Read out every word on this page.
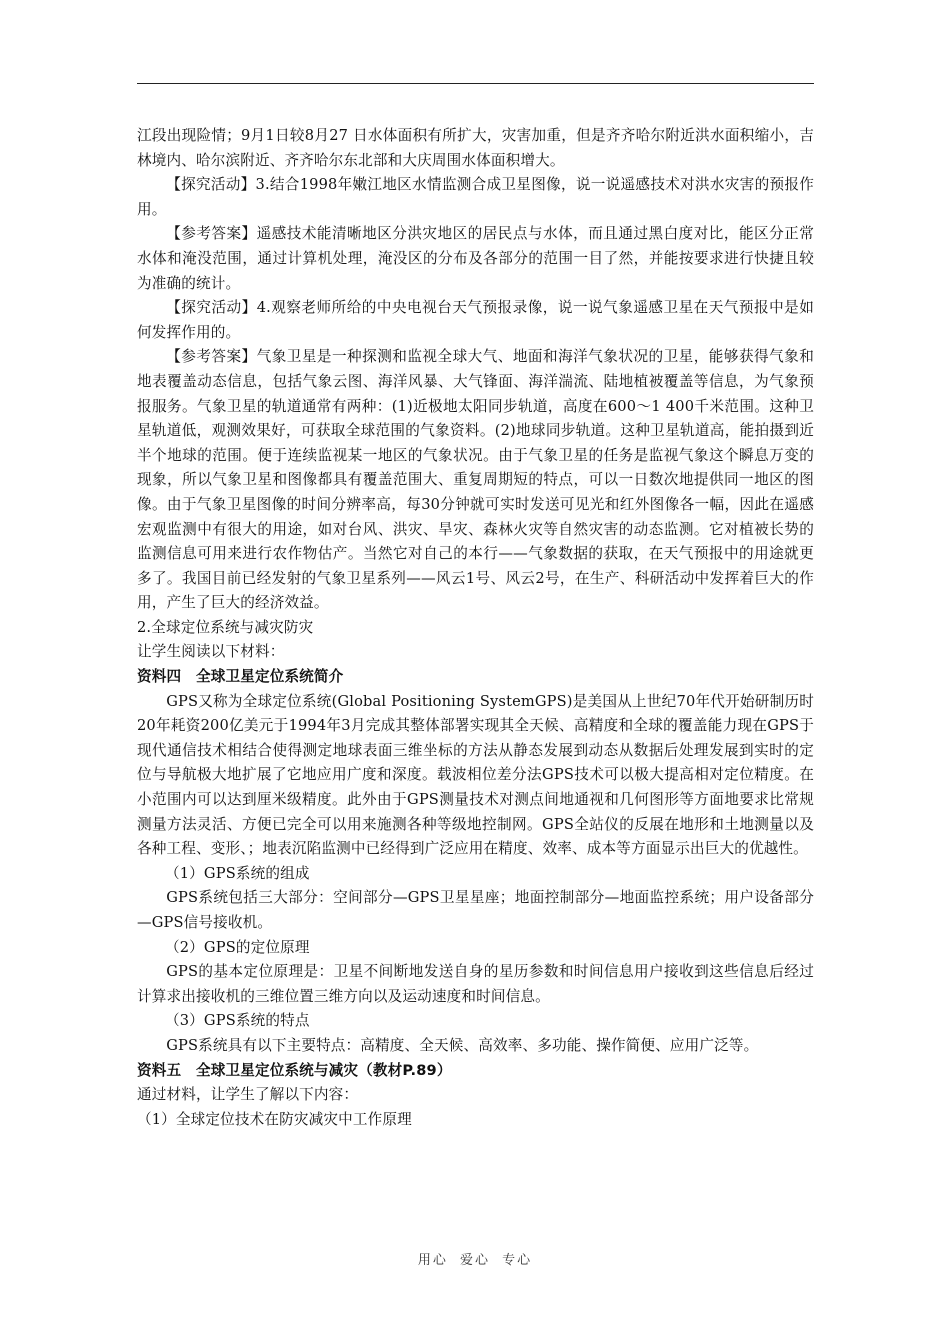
江段出现险情；9月1日较8月27 日水体面积有所扩大，灾害加重，但是齐齐哈尔附近洪水面积缩小，吉林境内、哈尔滨附近、齐齐哈尔东北部和大庆周围水体面积增大。

【探究活动】3.结合1998年嫩江地区水情监测合成卫星图像，说一说遥感技术对洪水灾害的预报作用。

【参考答案】遥感技术能清晰地区分洪灾地区的居民点与水体，而且通过黑白度对比，能区分正常水体和淹没范围，通过计算机处理，淹没区的分布及各部分的范围一目了然，并能按要求进行快捷且较为准确的统计。

【探究活动】4.观察老师所给的中央电视台天气预报录像，说一说气象遥感卫星在天气预报中是如何发挥作用的。

【参考答案】气象卫星是一种探测和监视全球大气、地面和海洋气象状况的卫星，能够获得气象和地表覆盖动态信息，包括气象云图、海洋风暴、大气锋面、海洋湍流、陆地植被覆盖等信息，为气象预报服务。气象卫星的轨道通常有两种：(1)近极地太阳同步轨道，高度在600～1 400千米范围。这种卫星轨道低，观测效果好，可获取全球范围的气象资料。(2)地球同步轨道。这种卫星轨道高，能拍摄到近半个地球的范围。便于连续监视某一地区的气象状况。由于气象卫星的任务是监视气象这个瞬息万变的现象，所以气象卫星和图像都具有覆盖范围大、重复周期短的特点，可以一日数次地提供同一地区的图像。由于气象卫星图像的时间分辨率高，每30分钟就可实时发送可见光和红外图像各一幅，因此在遥感宏观监测中有很大的用途，如对台风、洪灾、旱灾、森林火灾等自然灾害的动态监测。它对植被长势的监测信息可用来进行农作物估产。当然它对自己的本行——气象数据的获取，在天气预报中的用途就更多了。我国目前已经发射的气象卫星系列——风云1号、风云2号，在生产、科研活动中发挥着巨大的作用，产生了巨大的经济效益。

2.全球定位系统与减灾防灾

让学生阅读以下材料：

资料四　全球卫星定位系统简介

GPS又称为全球定位系统(Global Positioning SystemGPS)是美国从上世纪70年代开始研制历时20年耗资200亿美元于1994年3月完成其整体部署实现其全天候、高精度和全球的覆盖能力现在GPS于现代通信技术相结合使得测定地球表面三维坐标的方法从静态发展到动态从数据后处理发展到实时的定位与导航极大地扩展了它地应用广度和深度。载波相位差分法GPS技术可以极大提高相对定位精度。在小范围内可以达到厘米级精度。此外由于GPS测量技术对测点间地通视和几何图形等方面地要求比常规测量方法灵活、方便已完全可以用来施测各种等级地控制网。GPS全站仪的反展在地形和土地测量以及各种工程、变形、；地表沉陷监测中已经得到广泛应用在精度、效率、成本等方面显示出巨大的优越性。

（1）GPS系统的组成

GPS系统包括三大部分：空间部分—GPS卫星星座；地面控制部分—地面监控系统；用户设备部分—GPS信号接收机。

（2）GPS的定位原理

GPS的基本定位原理是：卫星不间断地发送自身的星历参数和时间信息用户接收到这些信息后经过计算求出接收机的三维位置三维方向以及运动速度和时间信息。

（3）GPS系统的特点

GPS系统具有以下主要特点：高精度、全天候、高效率、多功能、操作简便、应用广泛等。

资料五　全球卫星定位系统与减灾（教材P.89）

通过材料，让学生了解以下内容：

（1）全球定位技术在防灾减灾中工作原理

用心 爱心 专心
